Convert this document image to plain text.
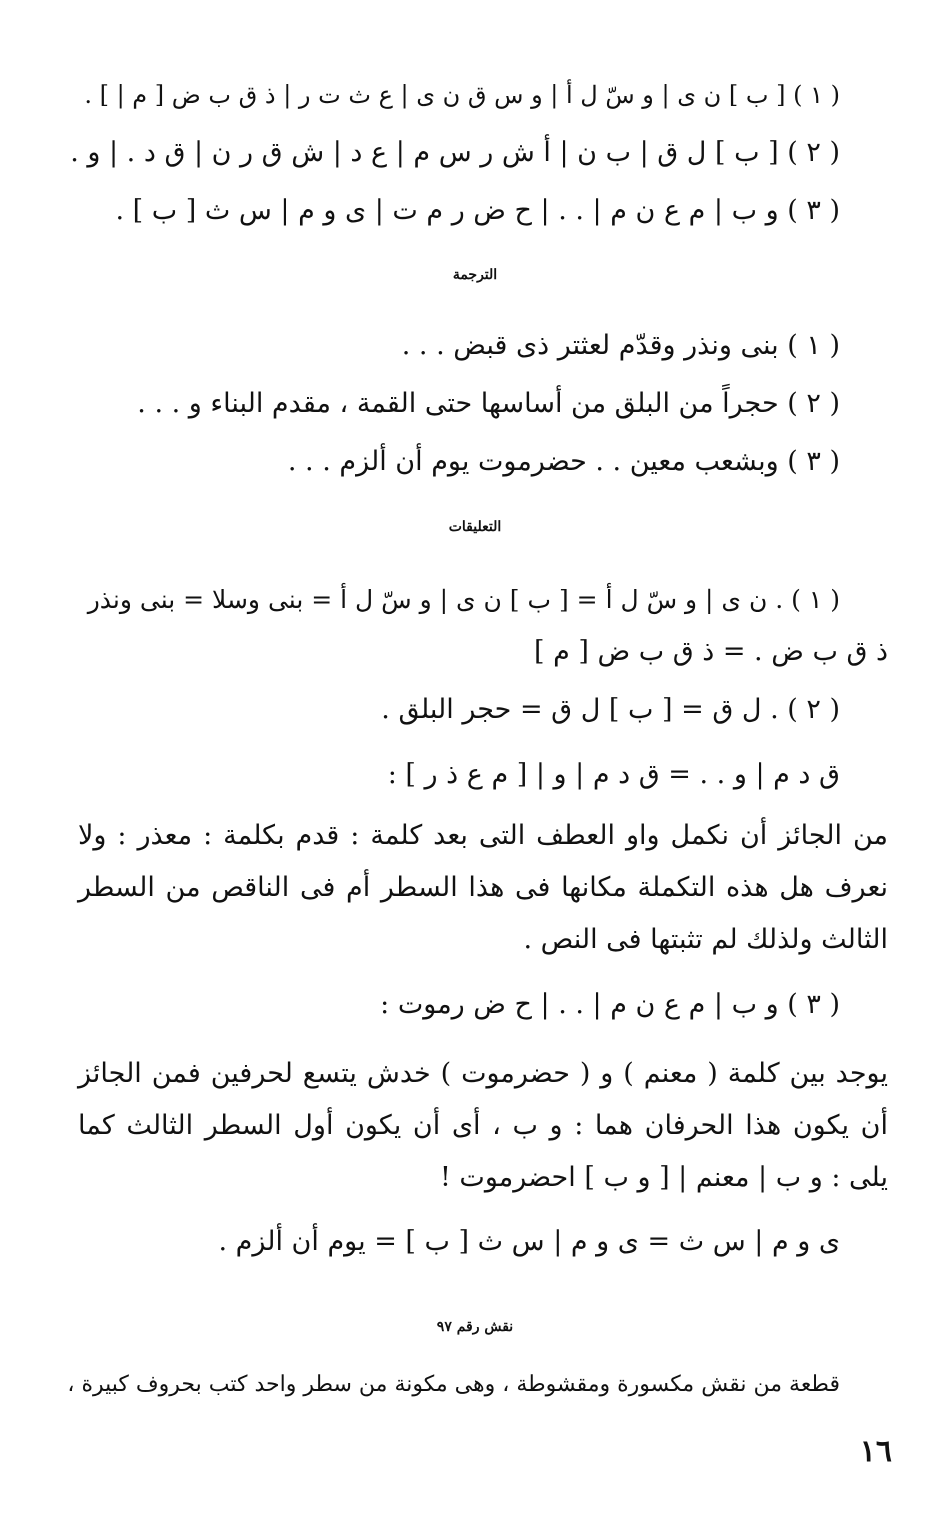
( ١ ) [ ب ] ن ى | و سّ ل أ | و س ق ن ى | ع ث ت ر | ذ ق ب ض [ م | ] .
( ٢ ) [ ب ] ل ق | ب ن | أ ش ر س م | ع د | ش ق ر ن | ق د . | و .
( ٣ ) و ب | م ع ن م | . . | ح ض ر م ت | ى و م | س ث [ ب ] .
الترجمة
( ١ ) بنى ونذر وقدّم لعثتر ذى قبض . . .
( ٢ ) حجراً من البلق من أساسها حتى القمة ، مقدم البناء و . . .
( ٣ ) وبشعب معين . . حضرموت يوم أن ألزم . . .
التعليقات
( ١ ) . ن ى | و سّ ل أ = [ ب ] ن ى | و سّ ل أ = بنى وسلا = بنى ونذر
ذ ق ب ض . = ذ ق ب ض [ م ]
( ٢ ) . ل ق = [ ب ] ل ق = حجر البلق .
ق د م | و . . = ق د م | و | [ م ع ذ ر ] :
من الجائز أن نكمل واو العطف التى بعد كلمة : قدم بكلمة : معذر : ولا نعرف هل هذه التكملة مكانها فى هذا السطر أم فى الناقص من السطر الثالث ولذلك لم تثبتها فى النص .
( ٣ ) و ب | م ع ن م | . . | ح ض رموت :
يوجد بين كلمة ( معنم ) و ( حضرموت ) خدش يتسع لحرفين فمن الجائز أن يكون هذا الحرفان هما : و ب ، أى أن يكون أول السطر الثالث كما يلى : و ب | معنم | [ و ب ] احضرموت !
ى و م | س ث = ى و م | س ث [ ب ] = يوم أن ألزم .
نقش رقم ٩٧
قطعة من نقش مكسورة ومقشوطة ، وهى مكونة من سطر واحد كتب بحروف كبيرة ،
١٦
